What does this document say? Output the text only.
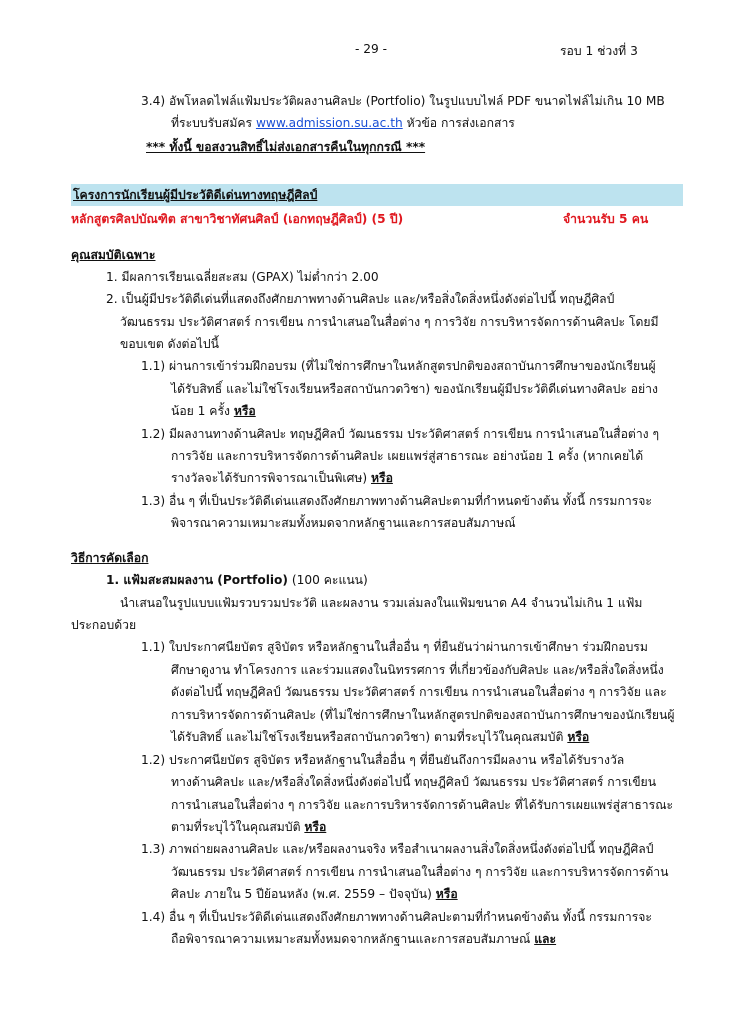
- 29 -	รอบ 1 ช่วงที่ 3
3.4) อัพโหลดไฟล์แฟ้มประวัติผลงานศิลปะ (Portfolio) ในรูปแบบไฟล์ PDF ขนาดไฟล์ไม่เกิน 10 MB
ที่ระบบรับสมัคร www.admission.su.ac.th หัวข้อ การส่งเอกสาร
*** ทั้งนี้ ขอสงวนสิทธิ์ไม่ส่งเอกสารคืนในทุกกรณี ***
โครงการนักเรียนผู้มีประวัติดีเด่นทางทฤษฎีศิลป์
หลักสูตรศิลปบัณฑิต สาขาวิชาทัศนศิลป์ (เอกทฤษฎีศิลป์) (5 ปี)	จำนวนรับ 5 คน
คุณสมบัติเฉพาะ
1. มีผลการเรียนเฉลี่ยสะสม (GPAX) ไม่ต่ำกว่า 2.00
2. เป็นผู้มีประวัติดีเด่นที่แสดงถึงศักยภาพทางด้านศิลปะ และ/หรือสิ่งใดสิ่งหนึ่งดังต่อไปนี้ ทฤษฎีศิลป์
วัฒนธรรม ประวัติศาสตร์ การเขียน การนำเสนอในสื่อต่าง ๆ การวิจัย การบริหารจัดการด้านศิลปะ โดยมี
ขอบเขต ดังต่อไปนี้
1.1) ผ่านการเข้าร่วมฝึกอบรม (ที่ไม่ใช่การศึกษาในหลักสูตรปกติของสถาบันการศึกษาของนักเรียนผู้
ได้รับสิทธิ์ และไม่ใช่โรงเรียนหรือสถาบันกวดวิชา) ของนักเรียนผู้มีประวัติดีเด่นทางศิลปะ อย่าง
น้อย 1 ครั้ง หรือ
1.2) มีผลงานทางด้านศิลปะ ทฤษฎีศิลป์ วัฒนธรรม ประวัติศาสตร์ การเขียน การนำเสนอในสื่อต่าง ๆ
การวิจัย และการบริหารจัดการด้านศิลปะ เผยแพร่สู่สาธารณะ อย่างน้อย 1 ครั้ง (หากเคยได้
รางวัลจะได้รับการพิจารณาเป็นพิเศษ) หรือ
1.3) อื่น ๆ ที่เป็นประวัติดีเด่นแสดงถึงศักยภาพทางด้านศิลปะตามที่กำหนดข้างต้น ทั้งนี้ กรรมการจะ
พิจารณาความเหมาะสมทั้งหมดจากหลักฐานและการสอบสัมภาษณ์
วิธีการคัดเลือก
1. แฟ้มสะสมผลงาน (Portfolio) (100 คะแนน)
นำเสนอในรูปแบบแฟ้มรวบรวมประวัติ และผลงาน รวมเล่มลงในแฟ้มขนาด A4 จำนวนไม่เกิน 1 แฟ้ม
ประกอบด้วย
1.1) ใบประกาศนียบัตร สูจิบัตร หรือหลักฐานในสื่ออื่น ๆ ที่ยืนยันว่าผ่านการเข้าศึกษา ร่วมฝึกอบรม
ศึกษาดูงาน ทำโครงการ และร่วมแสดงในนิทรรศการ ที่เกี่ยวข้องกับศิลปะ และ/หรือสิ่งใดสิ่งหนึ่ง
ดังต่อไปนี้ ทฤษฎีศิลป์ วัฒนธรรม ประวัติศาสตร์ การเขียน การนำเสนอในสื่อต่าง ๆ การวิจัย และ
การบริหารจัดการด้านศิลปะ (ที่ไม่ใช่การศึกษาในหลักสูตรปกติของสถาบันการศึกษาของนักเรียนผู้
ได้รับสิทธิ์ และไม่ใช่โรงเรียนหรือสถาบันกวดวิชา) ตามที่ระบุไว้ในคุณสมบัติ หรือ
1.2) ประกาศนียบัตร สูจิบัตร หรือหลักฐานในสื่ออื่น ๆ ที่ยืนยันถึงการมีผลงาน หรือได้รับรางวัล
ทางด้านศิลปะ และ/หรือสิ่งใดสิ่งหนึ่งดังต่อไปนี้ ทฤษฎีศิลป์ วัฒนธรรม ประวัติศาสตร์ การเขียน
การนำเสนอในสื่อต่าง ๆ การวิจัย และการบริหารจัดการด้านศิลปะ ที่ได้รับการเผยแพร่สู่สาธารณะ
ตามที่ระบุไว้ในคุณสมบัติ หรือ
1.3) ภาพถ่ายผลงานศิลปะ และ/หรือผลงานจริง หรือสำเนาผลงานสิ่งใดสิ่งหนึ่งดังต่อไปนี้ ทฤษฎีศิลป์
วัฒนธรรม ประวัติศาสตร์ การเขียน การนำเสนอในสื่อต่าง ๆ การวิจัย และการบริหารจัดการด้าน
ศิลปะ ภายใน 5 ปีย้อนหลัง (พ.ศ. 2559 – ปัจจุบัน) หรือ
1.4) อื่น ๆ ที่เป็นประวัติดีเด่นแสดงถึงศักยภาพทางด้านศิลปะตามที่กำหนดข้างต้น ทั้งนี้ กรรมการจะ
ถือพิจารณาความเหมาะสมทั้งหมดจากหลักฐานและการสอบสัมภาษณ์ และ
